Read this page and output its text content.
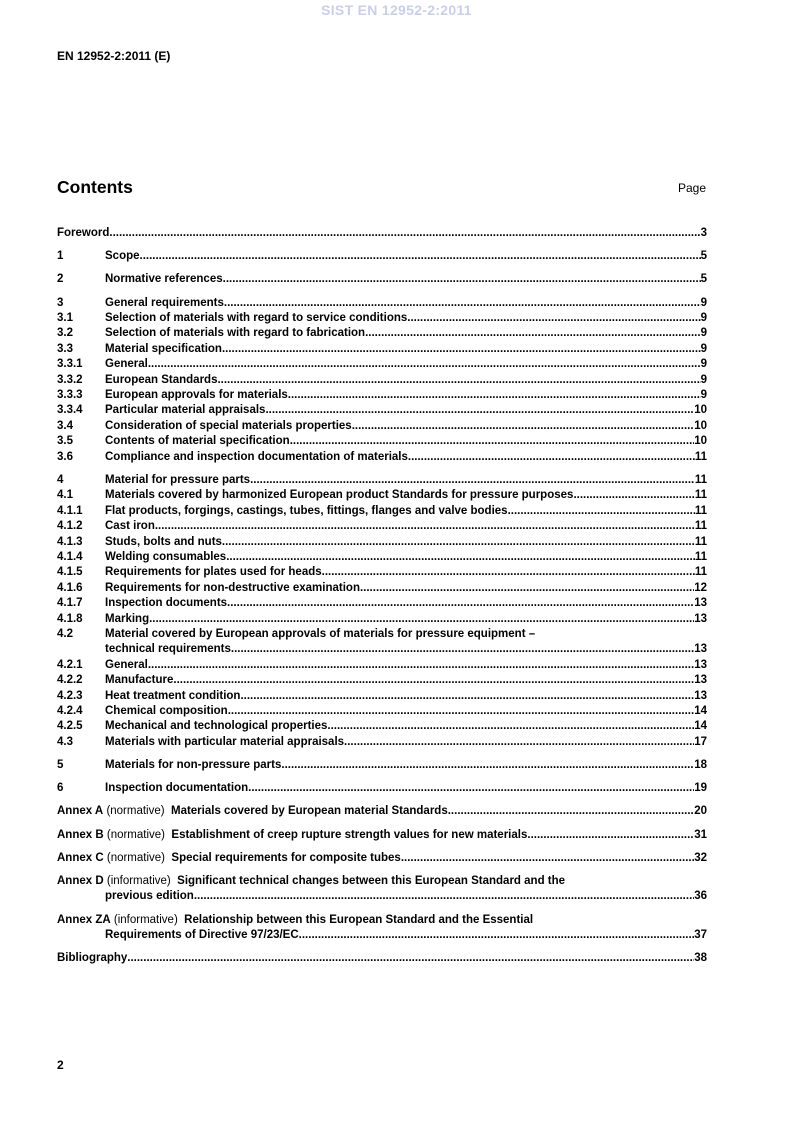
SIST EN 12952-2:2011
EN 12952-2:2011 (E)
Contents	Page
Foreword .....	3
1	Scope .....	5
2	Normative references .....	5
3	General requirements .....	9
3.1	Selection of materials with regard to service conditions .....	9
3.2	Selection of materials with regard to fabrication .....	9
3.3	Material specification .....	9
3.3.1	General .....	9
3.3.2	European Standards .....	9
3.3.3	European approvals for materials .....	9
3.3.4	Particular material appraisals .....	10
3.4	Consideration of special materials properties .....	10
3.5	Contents of material specification .....	10
3.6	Compliance and inspection documentation of materials .....	11
4	Material for pressure parts .....	11
4.1	Materials covered by harmonized European product Standards for pressure purposes .....	11
4.1.1	Flat products, forgings, castings, tubes, fittings, flanges and valve bodies .....	11
4.1.2	Cast iron .....	11
4.1.3	Studs, bolts and nuts .....	11
4.1.4	Welding consumables .....	11
4.1.5	Requirements for plates used for heads .....	11
4.1.6	Requirements for non-destructive examination .....	12
4.1.7	Inspection documents .....	13
4.1.8	Marking .....	13
4.2	Material covered by European approvals of materials for pressure equipment –
technical requirements .....	13
4.2.1	General .....	13
4.2.2	Manufacture .....	13
4.2.3	Heat treatment condition .....	13
4.2.4	Chemical composition .....	14
4.2.5	Mechanical and technological properties .....	14
4.3	Materials with particular material appraisals .....	17
5	Materials for non-pressure parts .....	18
6	Inspection documentation .....	19
Annex A (normative) Materials covered by European material Standards .....	20
Annex B (normative) Establishment of creep rupture strength values for new materials .....	31
Annex C (normative) Special requirements for composite tubes .....	32
Annex D (informative) Significant technical changes between this European Standard and the
previous edition .....	36
Annex ZA (informative) Relationship between this European Standard and the Essential
Requirements of Directive 97/23/EC .....	37
Bibliography .....	38
2
